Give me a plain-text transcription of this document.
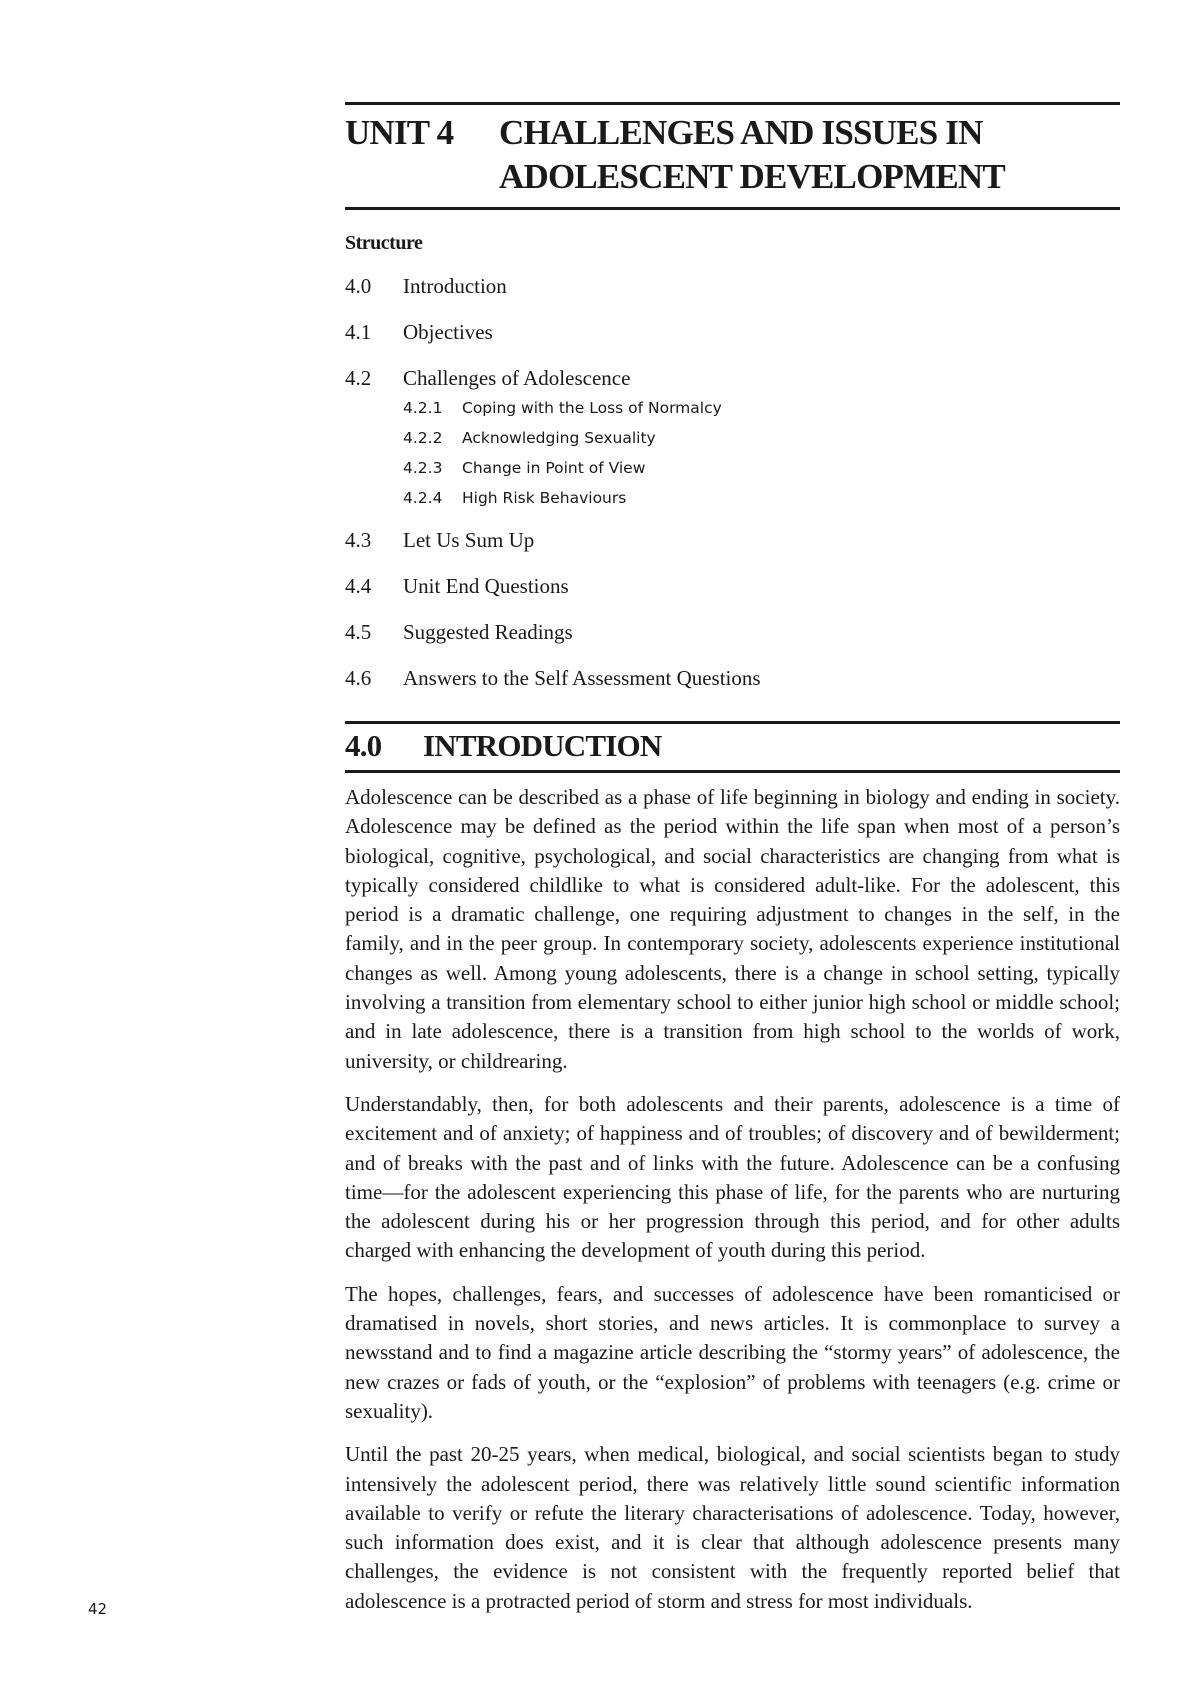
UNIT 4	CHALLENGES AND ISSUES IN
ADOLESCENT DEVELOPMENT
Structure
4.0	Introduction
4.1	Objectives
4.2	Challenges of Adolescence
4.2.1	Coping with the Loss of Normalcy
4.2.2	Acknowledging Sexuality
4.2.3	Change in Point of View
4.2.4	High Risk Behaviours
4.3	Let Us Sum Up
4.4	Unit End Questions
4.5	Suggested Readings
4.6	Answers to the Self Assessment Questions
4.0	INTRODUCTION

Adolescence can be described as a phase of life beginning in biology and ending in society. Adolescence may be defined as the period within the life span when most of a person’s biological, cognitive, psychological, and social characteristics are changing from what is typically considered childlike to what is considered adult-like. For the adolescent, this period is a dramatic challenge, one requiring adjustment to changes in the self, in the family, and in the peer group. In contemporary society, adolescents experience institutional changes as well. Among young adolescents, there is a change in school setting, typically involving a transition from elementary school to either junior high school or middle school; and in late adolescence, there is a transition from high school to the worlds of work, university, or childrearing.

Understandably, then, for both adolescents and their parents, adolescence is a time of excitement and of anxiety; of happiness and of troubles; of discovery and of bewilderment; and of breaks with the past and of links with the future. Adolescence can be a confusing time—for the adolescent experiencing this phase of life, for the parents who are nurturing the adolescent during his or her progression through this period, and for other adults charged with enhancing the development of youth during this period.

The hopes, challenges, fears, and successes of adolescence have been romanticised or dramatised in novels, short stories, and news articles. It is commonplace to survey a newsstand and to find a magazine article describing the “stormy years” of adolescence, the new crazes or fads of youth, or the “explosion” of problems with teenagers (e.g. crime or sexuality).

Until the past 20-25 years, when medical, biological, and social scientists began to study intensively the adolescent period, there was relatively little sound scientific information available to verify or refute the literary characterisations of adolescence. Today, however, such information does exist, and it is clear that although adolescence presents many challenges, the evidence is not consistent with the frequently reported belief that adolescence is a protracted period of storm and stress for most individuals.

42
